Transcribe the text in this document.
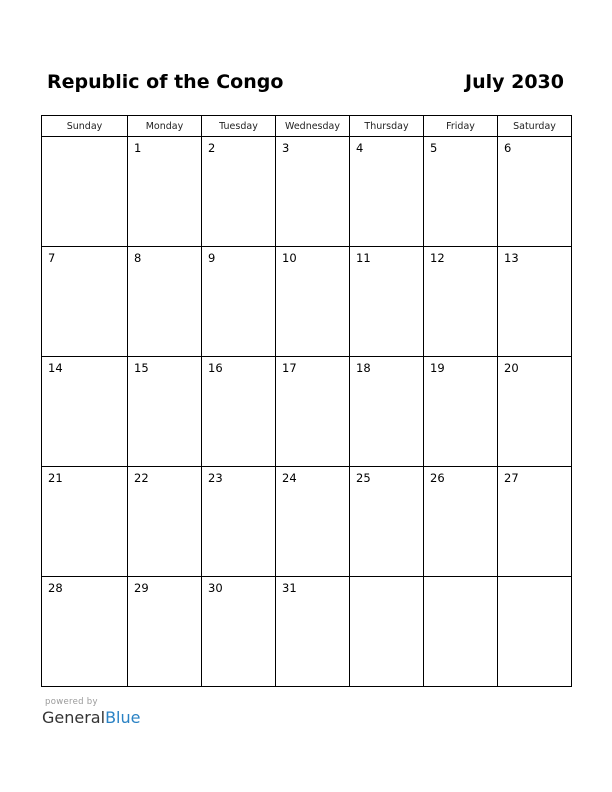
Republic of the Congo	July 2030
Sunday	Monday	Tuesday	Wednesday	Thursday	Friday	Saturday

	1	2	3	4	5	6

7	8	9	10	11	12	13

14	15	16	17	18	19	20

21	22	23	24	25	26	27

28	29	30	31			

powered by
GeneralBlue
